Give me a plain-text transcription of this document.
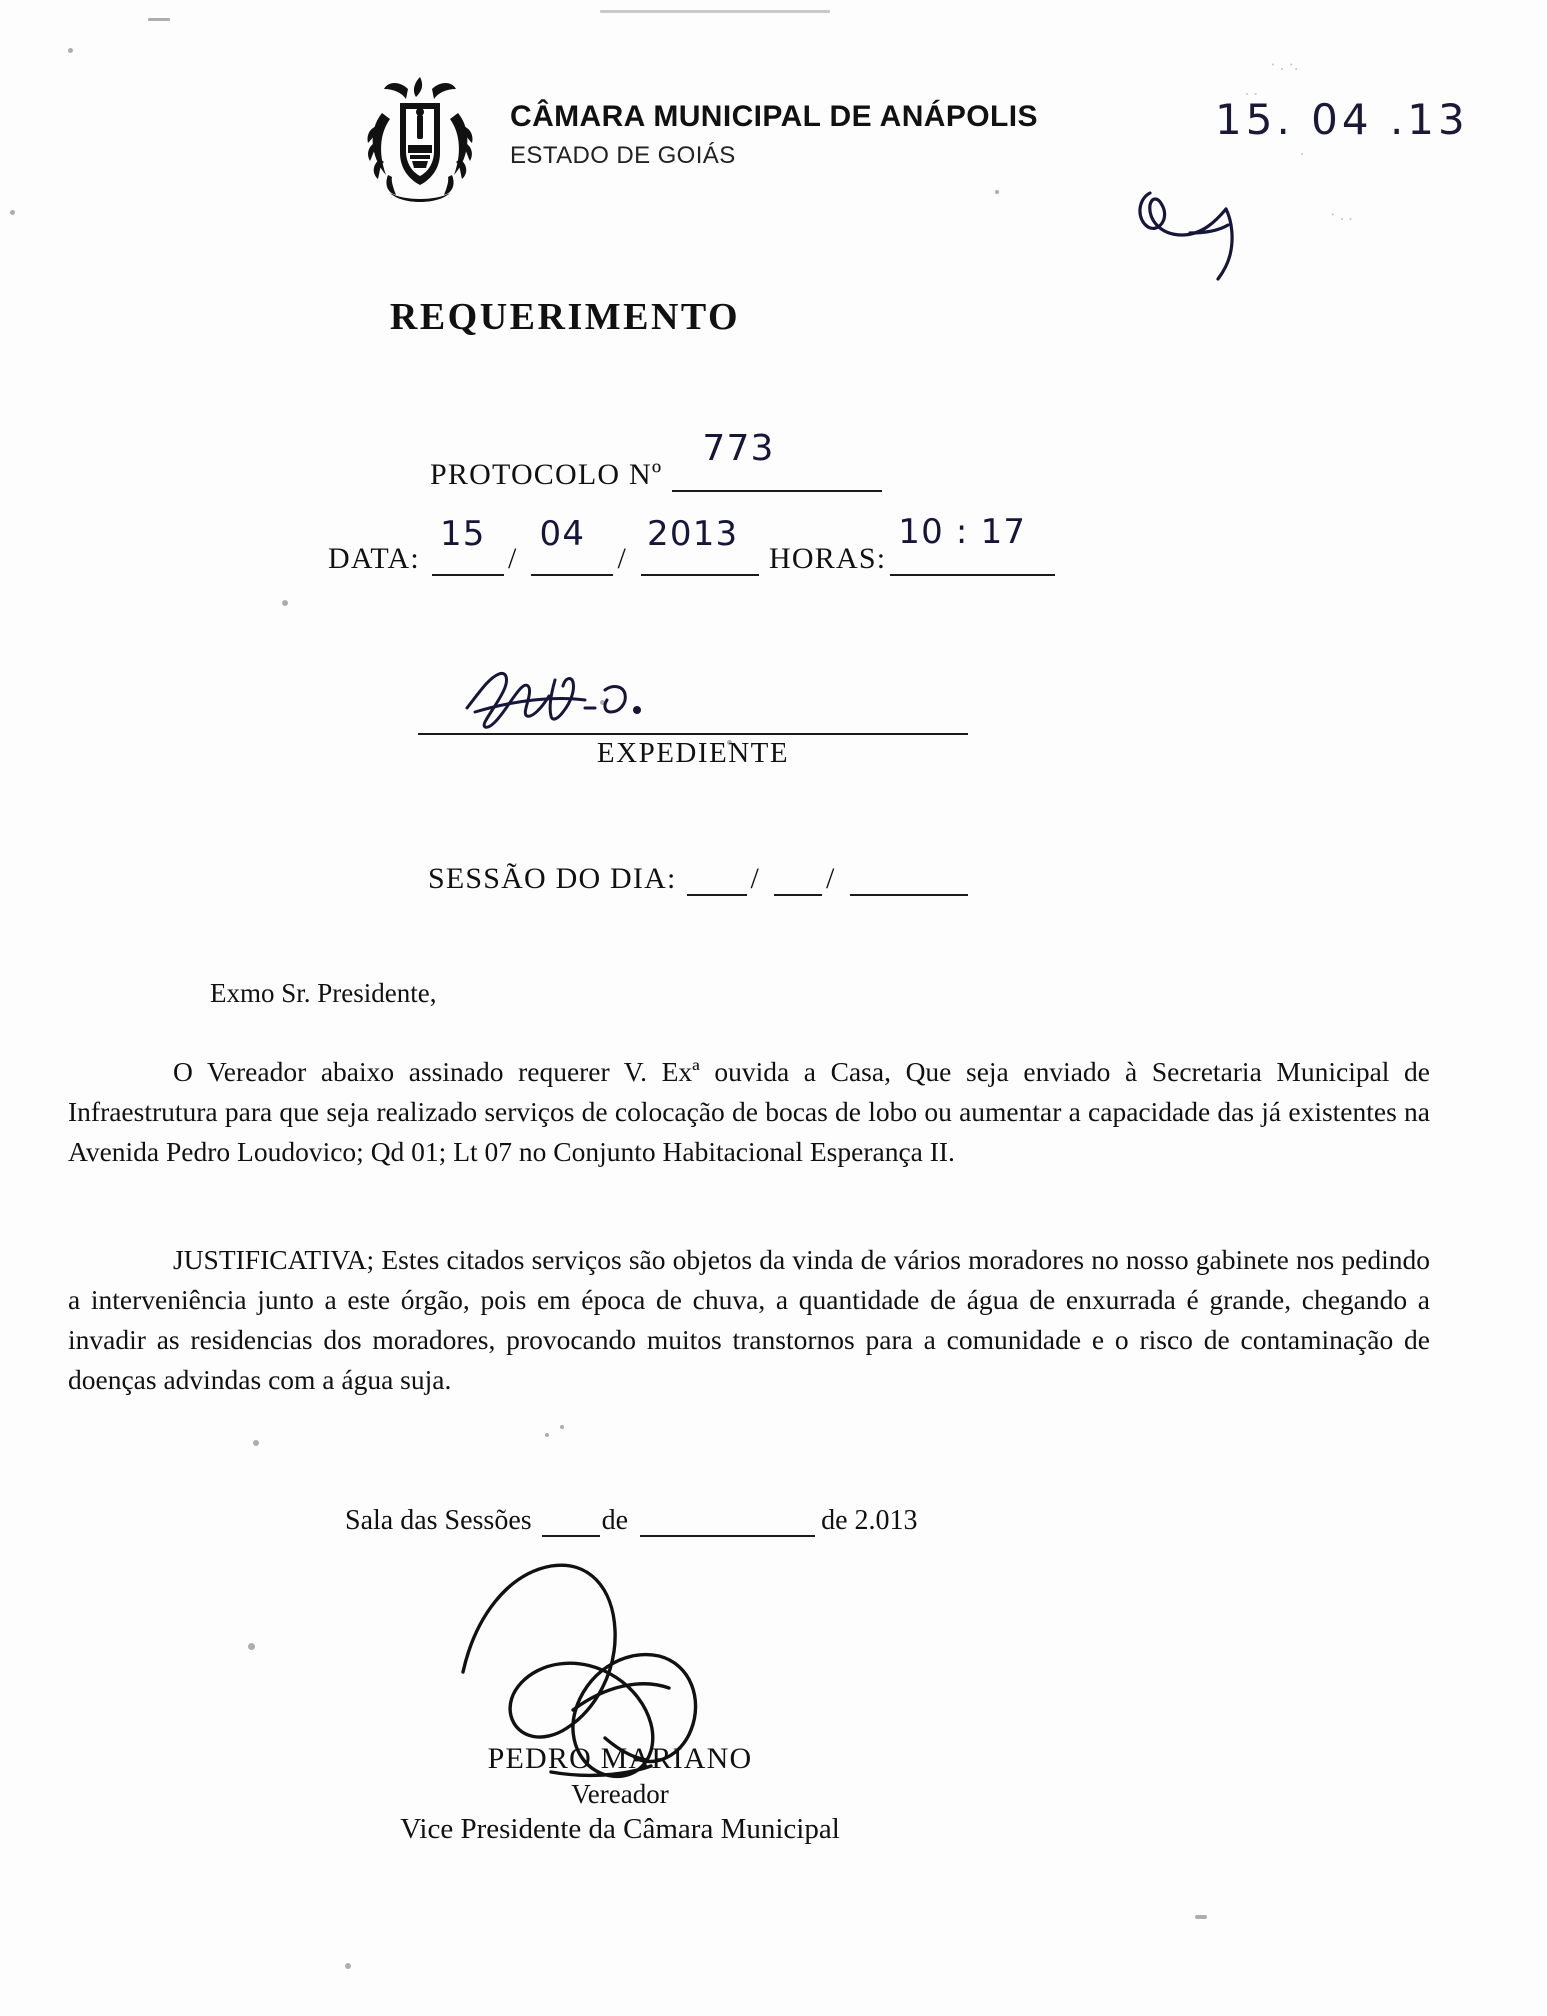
· . ·.
. .
· . .
.
CÂMARA MUNICIPAL DE ANÁPOLIS
ESTADO DE GOIÁS
15. 04 .13
REQUERIMENTO
PROTOCOLO Nº
773
DATA:
15
/
04
/
2013
HORAS:
10 : 17
EXPEDIENTE
SESSÃO DO DIA: / /
Exmo Sr. Presidente,
O Vereador abaixo assinado requerer V. Exª ouvida a Casa, Que seja enviado à Secretaria Municipal de Infraestrutura para que seja realizado serviços de colocação de bocas de lobo ou aumentar a capacidade das já existentes na Avenida Pedro Loudovico; Qd 01; Lt 07 no Conjunto Habitacional Esperança II.
JUSTIFICATIVA; Estes citados serviços são objetos da vinda de vários moradores no nosso gabinete nos pedindo a interveniência junto a este órgão, pois em época de chuva, a quantidade de água de enxurrada é grande, chegando a invadir as residencias dos moradores, provocando muitos transtornos para a comunidade e o risco de contaminação de doenças advindas com a água suja.
Sala das Sessões	de	de 2.013
PEDRO MARIANO
Vereador
Vice Presidente da Câmara Municipal
